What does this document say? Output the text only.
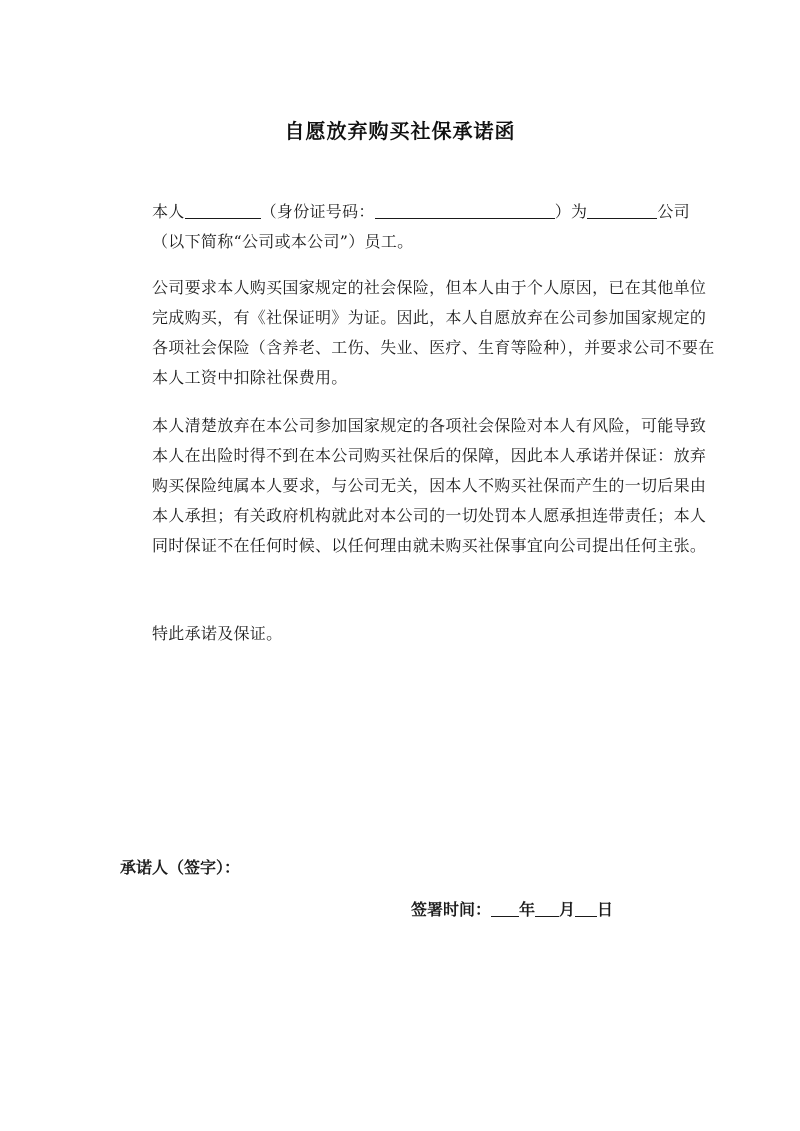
自愿放弃购买社保承诺函
本人	（身份证号码：	）为	公司（以下简称“公司或本公司”）员工。
公司要求本人购买国家规定的社会保险，但本人由于个人原因，已在其他单位完成购买，有《社保证明》为证。因此，本人自愿放弃在公司参加国家规定的各项社会保险（含养老、工伤、失业、医疗、生育等险种），并要求公司不要在本人工资中扣除社保费用。
本人清楚放弃在本公司参加国家规定的各项社会保险对本人有风险，可能导致本人在出险时得不到在本公司购买社保后的保障，因此本人承诺并保证：放弃购买保险纯属本人要求，与公司无关，因本人不购买社保而产生的一切后果由本人承担；有关政府机构就此对本公司的一切处罚本人愿承担连带责任；本人同时保证不在任何时候、以任何理由就未购买社保事宜向公司提出任何主张。
特此承诺及保证。
承诺人（签字）：
签署时间： 年 月 日
